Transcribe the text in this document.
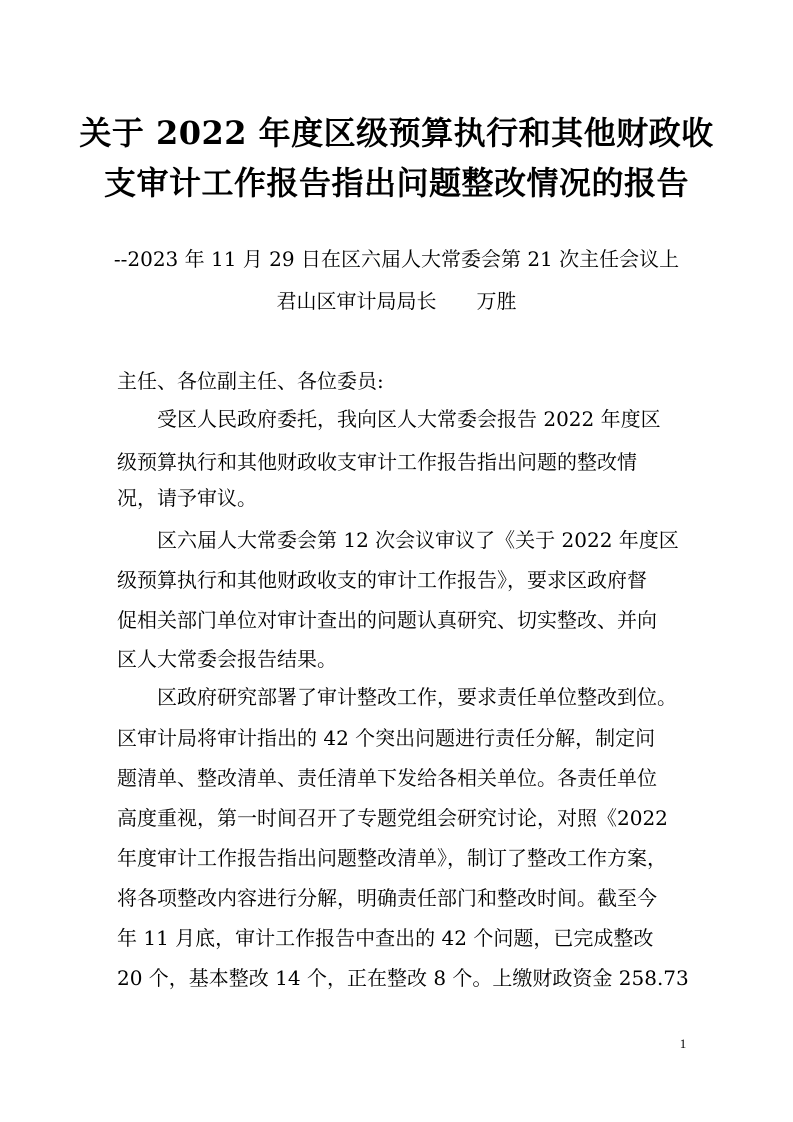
关于 2022 年度区级预算执行和其他财政收
支审计工作报告指出问题整改情况的报告
--2023 年 11 月 29 日在区六届人大常委会第 21 次主任会议上
君山区审计局局长 万胜
主任、各位副主任、各位委员:
　　受区人民政府委托，我向区人大常委会报告 2022 年度区
级预算执行和其他财政收支审计工作报告指出问题的整改情
况，请予审议。
　　区六届人大常委会第 12 次会议审议了《关于 2022 年度区
级预算执行和其他财政收支的审计工作报告》，要求区政府督
促相关部门单位对审计查出的问题认真研究、切实整改、并向
区人大常委会报告结果。
　　区政府研究部署了审计整改工作，要求责任单位整改到位。
区审计局将审计指出的 42 个突出问题进行责任分解，制定问
题清单、整改清单、责任清单下发给各相关单位。各责任单位
高度重视，第一时间召开了专题党组会研究讨论，对照《2022
年度审计工作报告指出问题整改清单》，制订了整改工作方案，
将各项整改内容进行分解，明确责任部门和整改时间。截至今
年 11 月底，审计工作报告中查出的 42 个问题，已完成整改
20 个，基本整改 14 个，正在整改 8 个。上缴财政资金 258.73
1
